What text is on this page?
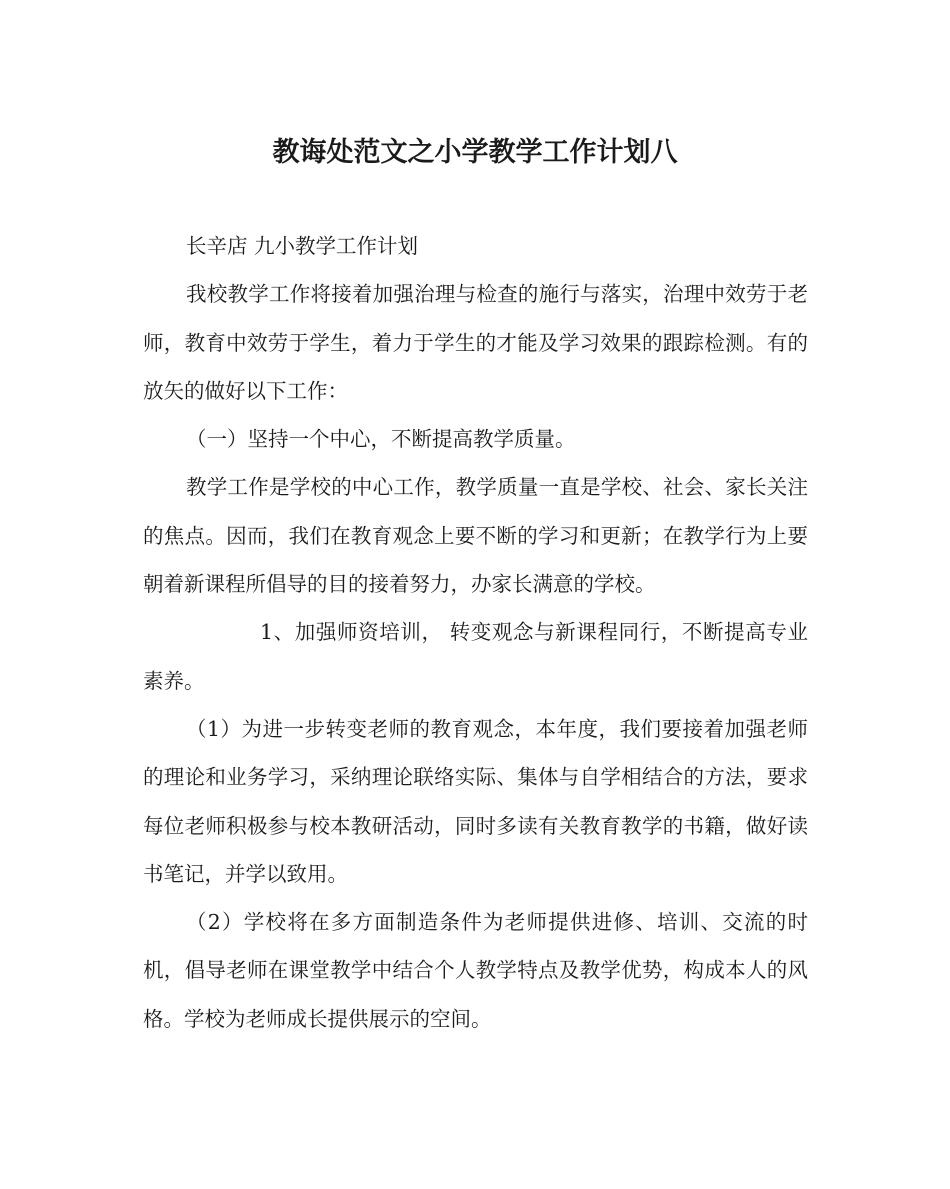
教诲处范文之小学教学工作计划八

长辛店 九小教学工作计划

我校教学工作将接着加强治理与检查的施行与落实，治理中效劳于老师，教育中效劳于学生，着力于学生的才能及学习效果的跟踪检测。有的放矢的做好以下工作：

（一）坚持一个中心，不断提高教学质量。

教学工作是学校的中心工作，教学质量一直是学校、社会、家长关注的焦点。因而，我们在教育观念上要不断的学习和更新；在教学行为上要朝着新课程所倡导的目的接着努力，办家长满意的学校。

1、加强师资培训， 转变观念与新课程同行，不断提高专业素养。

（1）为进一步转变老师的教育观念，本年度，我们要接着加强老师的理论和业务学习，采纳理论联络实际、集体与自学相结合的方法，要求每位老师积极参与校本教研活动，同时多读有关教育教学的书籍，做好读书笔记，并学以致用。

（2）学校将在多方面制造条件为老师提供进修、培训、交流的时机，倡导老师在课堂教学中结合个人教学特点及教学优势，构成本人的风格。学校为老师成长提供展示的空间。
